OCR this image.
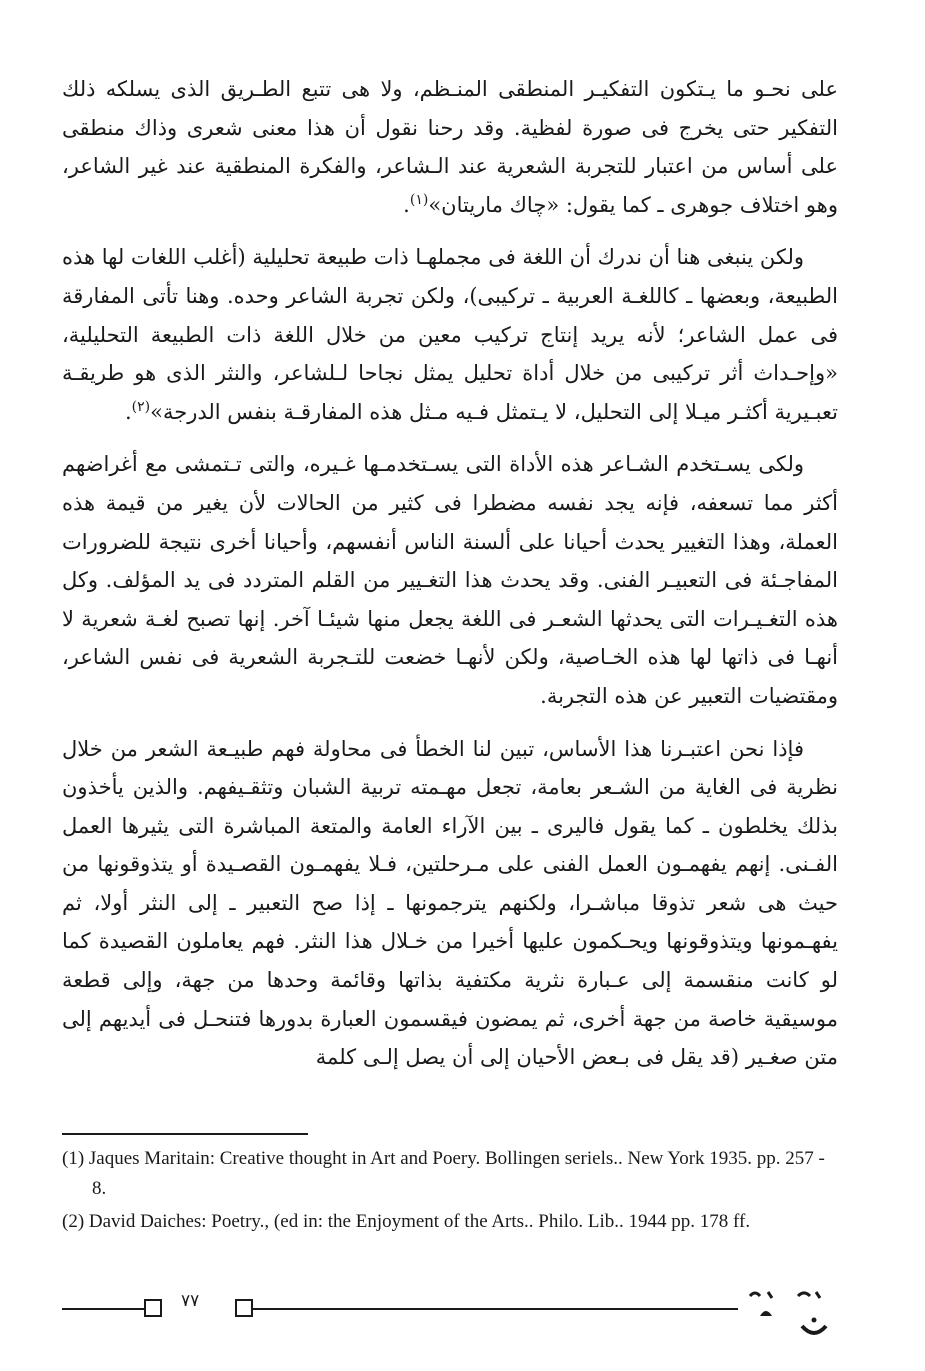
على نحـو ما يـتكون التفكيـر المنطقى المنـظم، ولا هى تتبع الطـريق الذى يسلكه ذلك التفكير حتى يخرج فى صورة لفظية. وقد رحنا نقول أن هذا معنى شعرى وذاك منطقى على أساس من اعتبار للتجربة الشعرية عند الـشاعر، والفكرة المنطقية عند غير الشاعر، وهو اختلاف جوهرى ـ كما يقول: «چاك ماريتان»$^{(١)}$.

ولكن ينبغى هنا أن ندرك أن اللغة فى مجملهـا ذات طبيعة تحليلية (أغلب اللغات لها هذه الطبيعة، وبعضها ـ كاللغـة العربية ـ تركيبى)، ولكن تجربة الشاعر وحده. وهنا تأتى المفارقة فى عمل الشاعر؛ لأنه يريد إنتاج تركيب معين من خلال اللغة ذات الطبيعة التحليلية، «وإحـداث أثر تركيبى من خلال أداة تحليل يمثل نجاحا لـلشاعر، والنثر الذى هو طريقـة تعبـيرية أكثـر ميـلا إلى التحليل، لا يـتمثل فـيه مـثل هذه المفارقـة بنفس الدرجة»$^{(٢)}$.

ولكى يسـتخدم الشـاعر هذه الأداة التى يسـتخدمـها غـيره، والتى تـتمشى مع أغراضهم أكثر مما تسعفه، فإنه يجد نفسه مضطرا فى كثير من الحالات لأن يغير من قيمة هذه العملة، وهذا التغيير يحدث أحيانا على ألسنة الناس أنفسهم، وأحيانا أخرى نتيجة للضرورات المفاجـئة فى التعبيـر الفنى. وقد يحدث هذا التغـيير من القلم المتردد فى يد المؤلف. وكل هذه التغـيـرات التى يحدثها الشعـر فى اللغة يجعل منها شيئـا آخر. إنها تصبح لغـة شعرية لا أنهـا فى ذاتها لها هذه الخـاصية، ولكن لأنهـا خضعت للتـجربة الشعرية فى نفس الشاعر، ومقتضيات التعبير عن هذه التجربة.

فإذا نحن اعتبـرنا هذا الأساس، تبين لنا الخطأ فى محاولة فهم طبيـعة الشعر من خلال نظرية فى الغاية من الشـعر بعامة، تجعل مهـمته تربية الشبان وتثقـيفهم. والذين يأخذون بذلك يخلطون ـ كما يقول فاليرى ـ بين الآراء العامة والمتعة المباشرة التى يثيرها العمل الفـنى. إنهم يفهمـون العمل الفنى على مـرحلتين، فـلا يفهمـون القصـيدة أو يتذوقونها من حيث هى شعر تذوقا مباشـرا، ولكنهم يترجمونها ـ إذا صح التعبير ـ إلى النثر أولا، ثم يفهـمونها ويتذوقونها ويحـكمون عليها أخيرا من خـلال هذا النثر. فهم يعاملون القصيدة كما لو كانت منقسمة إلى عـبارة نثرية مكتفية بذاتها وقائمة وحدها من جهة، وإلى قطعة موسيقية خاصة من جهة أخرى، ثم يمضون فيقسمون العبارة بدورها فتنحـل فى أيديهم إلى متن صغـير (قد يقل فى بـعض الأحيان إلى أن يصل إلـى كلمة

(1) Jaques Maritain: Creative thought in Art and Poery. Bollingen seriels.. New York 1935. pp. 257 - 8.
(2) David Daiches: Poetry., (ed in: the Enjoyment of the Arts.. Philo. Lib.. 1944 pp. 178 ff.
٧٧
